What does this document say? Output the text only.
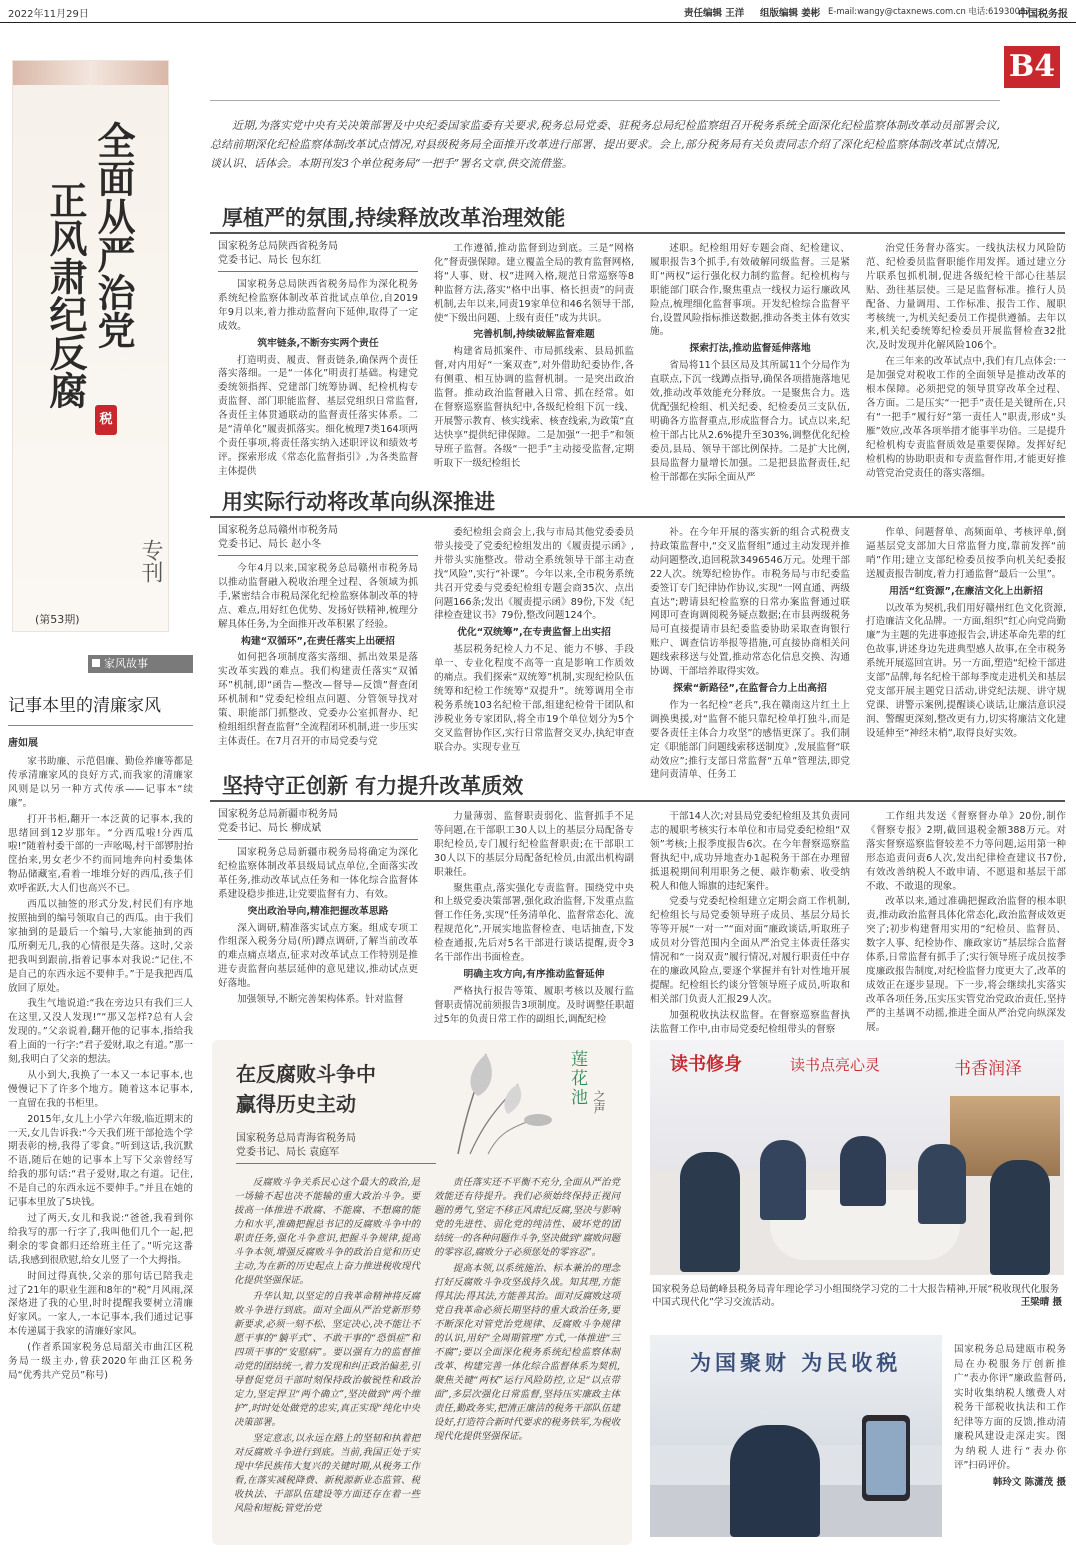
2022年11月29日	责任编辑 王洋 组版编辑 姜彬 E-mail:wangy@ctaxnews.com.cn 电话:61930087
中国税务报
B4
全面从严治党
正风肃纪反腐
税
专刊
(第53期)

近期,为落实党中央有关决策部署及中央纪委国家监委有关要求,税务总局党委、驻税务总局纪检监察组召开税务系统全面深化纪检监察体制改革动员部署会议,总结前期深化纪检监察体制改革试点情况,对县级税务局全面推开改革进行部署、提出要求。会上,部分税务局有关负责同志介绍了深化纪检监察体制改革试点情况,谈认识、话体会。本期刊发3个单位税务局“一把手”署名文章,供交流借鉴。

家风故事
记事本里的清廉家风
唐如展

家书助廉、示范倡廉、勤俭养廉等都是传承清廉家风的良好方式,而我家的清廉家风则是以另一种方式传承——记事本“续廉”。

打开书柜,翻开一本泛黄的记事本,我的思绪回到12岁那年。“分西瓜啦!分西瓜啦!”随着村委干部的一声吆喝,村干部锣肘抬筐抬来,男女老少不约而同地奔向村委集体物品储藏室,看着一堆堆分好的西瓜,孩子们欢呼雀跃,大人们也高兴不已。

西瓜以抽签的形式分发,村民们有序地按照抽到的编号领取自己的西瓜。由于我们家抽到的是最后一个编号,大家能抽到的西瓜所剩无几,我的心情很是失落。这时,父亲把我叫到跟前,指着记事本对我说:“记住,不是自己的东西永远不要伸手。”于是我把西瓜放回了原处。

我生气地说道:“我在旁边只有我们三人在这里,又没人发现!”“那又怎样?总有人会发现的。”父亲说着,翻开他的记事本,指给我看上面的一行字:“君子爱财,取之有道。”那一刻,我明白了父亲的想法。

从小到大,我换了一本又一本记事本,也慢慢记下了许多个地方。随着这本记事本,一直留在我的书柜里。

2015年,女儿上小学六年级,临近期末的一天,女儿告诉我:“今天我们班干部抢选个学期表彰的榜,我得了零食。”听到这话,我沉默不语,随后在她的记事本上写下父亲曾经写给我的那句话:“君子爱财,取之有道。记住,不是自己的东西永远不要伸手。”并且在她的记事本里放了5块钱。

过了两天,女儿和我说:“爸爸,我看到你给我写的那一行字了,我叫他们几个一起,把剩余的零食都归还给班主任了。”听完这番话,我感到很欣慰,给女儿竖了一个大拇指。

时间过得真快,父亲的那句话已陪我走过了21年的职业生涯和8年的“税”月风雨,深深烙进了我的心里,时时提醒我要树立清廉好家风。一家人,一本记事本,我们通过记事本传递属于我家的清廉好家风。

(作者系国家税务总局韶关市曲江区税务局一级主办,曾获2020年曲江区税务局“优秀共产党员”称号)

厚植严的氛围,持续释放改革治理效能
国家税务总局陕西省税务局
党委书记、局长 包东红

国家税务总局陕西省税务局作为深化税务系统纪检监察体制改革首批试点单位,自2019年9月以来,着力推动监督向下延伸,取得了一定成效。

筑牢链条,不断夯实两个责任

打造明责、履责、督责链条,确保两个责任落实落细。一是“一体化”明责打基础。构建党委统领指挥、党建部门统筹协调、纪检机构专责监督、部门职能监督、基层党组织日常监督,各责任主体贯通联动的监督责任落实体系。二是“清单化”履责抓落实。细化梳理7类164项两个责任事项,将责任落实纳入述职评议和绩效考评。探索形成《常态化监督指引》,为各类监督主体提供

工作遵循,推动监督到边到底。三是“网格化”督责强保障。建立覆盖全局的教育监督网格,将“人事、财、权”进网入格,规范日常巡察等8种监督方法,落实“格中出事、格长担责”的问责机制,去年以来,同责19家单位和46名领导干部,使“下级出问题、上级有责任”成为共识。

完善机制,持续破解监督难题

构建省局抓案件、市局抓线索、县局抓监督,对内用好“一案双查”,对外借助纪委协作,各有侧重、相互协调的监督机制。一是突出政治监督。推动政治监督融入日常、抓在经常。如在督察巡察监督执纪中,各级纪检组下沉一线、开展警示教育、核实线索、核查线索,为政策“直达快享”提供纪律保障。二是加强“一把手”和领导班子监督。各级“一把手”主动接受监督,定期听取下一级纪检组长

述职。纪检组用好专题会商、纪检建议、履职报告3个抓手,有效破解同级监督。三是紧盯“两权”运行强化权力制约监督。纪检机构与职能部门联合作,聚焦重点一线权力运行廉政风险点,梳理细化监督事项。开发纪检综合监督平台,设置风险指标推送数据,推动各类主体有效实施。

探索打法,推动监督延伸落地

省局将11个县区局及其所属11个分局作为直联点,下沉一线蹲点指导,确保各项措施落地见效,推动改革效能充分释放。一是聚焦合力。选优配强纪检组、机关纪委、纪检委员三支队伍,明确各方监督重点,形成监督合力。试点以来,纪检干部占比从2.6%提升至303%,调整优化纪检委员,县局、领导干部比例保持。二是扩大比例,县局监督力量增长加强。二是把县监督责任,纪检干部都在实际全面从严

治党任务督办落实。一线执法权力风险防范、纪检委员监督职能作用发挥。通过建立分片联系包抓机制,促进各级纪检干部心往基层贴、劲往基层使。三是足监督标准。推行人员配备、力量调用、工作标准、报告工作、履职考核统一,为机关纪委员工作提供遵循。去年以来,机关纪委统筹纪检委员开展监督检查32批次,及时发现并化解风险106个。

在三年来的改革试点中,我们有几点体会:一是加强党对税收工作的全面领导是推动改革的根本保障。必须把党的领导贯穿改革全过程、各方面。二是压实“一把手”责任是关键所在,只有“一把手”履行好“第一责任人”职责,形成“头雁”效应,改革各项举措才能事半功倍。三是提升纪检机构专责监督质效是重要保障。发挥好纪检机构的协助职责和专责监督作用,才能更好推动管党治党责任的落实落细。

用实际行动将改革向纵深推进
国家税务总局赣州市税务局
党委书记、局长 赵小冬

今年4月以来,国家税务总局赣州市税务局以推动监督融入税收治理全过程、各领域为抓手,紧密结合市税局深化纪检监察体制改革的特点、难点,用好红色优势、发扬好铁精神,梳理分解具体任务,为全面推开改革积累了经验。

构建“双循环”,在责任落实上出硬招

如何把各项制度落实落细、抓出效果是落实改革实践的难点。我们构建责任落实“双循环”机制,即“函告—整改—督导—反馈”督查闭环机制和“党委纪检组点问题、分管领导找对策、职能部门抓整改、党委办公室抓督办、纪检组组织督查监督”全流程闭环机制,进一步压实主体责任。在7月召开的市局党委与党

委纪检组会商会上,我与市局其他党委委员带头接受了党委纪检组发出的《履责提示函》,并带头实施整改。带动全系统领导干部主动查找“风险”,实行“补课”。今年以来,全市税务系统共召开党委与党委纪检组专题会商35次、点出问题166条;发出《履责提示函》89份,下发《纪律检查建议书》79份,整改问题124个。

优化“双统筹”,在专责监督上出实招

基层税务纪检人力不足、能力不够、手段单一、专业化程度不高等一直是影响工作质效的痛点。我们探索“双统筹”机制,实现纪检队伍统筹和纪检工作统筹“双提升”。统筹调用全市税务系统103名纪检干部,组建纪检骨干团队和涉税业务专家团队,将全市19个单位划分为5个交叉监督协作区,实行日常监督交叉办,执纪审查联合办。实现专业互

补。在今年开展的落实新的组合式税费支持政策监督中,“交叉监督组”通过主动发现并推动问题整改,追回税款3496546万元。处理干部22人次。统筹纪检协作。市税务局与市纪委监委签订专门纪律协作协议,实现“一网直通、两级直达”;聘请县纪检监察的日常办案监督通过联网即可查询调阅税务疑点数据;在市县两级税务局可直接提请市县纪委监委协助采取查询银行账户、调查信访举报等措施,可直接协商相关问题线索移送与处置,推动常态化信息交换、沟通协调、干部培养取得实效。

探索“新路径”,在监督合力上出高招

作为一名纪检“老兵”,我在赣南这片红土上调换奥援,对“监督不能只靠纪检单打独斗,而是要各责任主体合力攻坚”的感悟更深了。我们制定《职能部门问题线索移送制度》,发展监督“联动效应”;推行支部日常监督“五单”管理法,即党建问责清单、任务工

作单、问题督单、高频面单、考核评单,倒逼基层党支部加大日常监督力度,靠前发挥“前哨”作用;建立支部纪检委员按季向机关纪委报送履责报告制度,着力打通监督“最后一公里”。

用活“红资源”,在廉洁文化上出新招

以改革为契机,我们用好赣州红色文化资源,打造廉洁文化品牌。一方面,组织“红心向党尚勤廉”为主题的先进事迹报告会,讲述革命先辈的红色故事,讲述身边先进典型感人故事,在全市税务系统开展巡回宣讲。另一方面,塑造“纪检干部进支部”品牌,每名纪检干部每季度走进机关和基层党支部开展主题党日活动,讲党纪法规、讲守规党课、讲警示案例,提醒谈心谈话,让廉洁意识浸润、警醒更深刻,整改更有力,切实将廉洁文化建设延伸至“神经末梢”,取得良好实效。

坚持守正创新 有力提升改革质效
国家税务总局新疆市税务局
党委书记、局长 柳成斌

国家税务总局新疆市税务局将确定为深化纪检监察体制改革县级局试点单位,全面落实改革任务,推动改革试点任务和一体化综合监督体系建设稳步推进,让党要监督有力、有效。

突出政治导向,精准把握改革思路

深入调研,精准落实试点方案。组成专项工作组深入税务分局(所)蹲点调研,了解当前改革的难点痛点堵点,征求对改革试点工作特别是推进专责监督向基层延伸的意见建议,推动试点更好落地。

加强领导,不断完善架构体系。针对监督

力量薄弱、监督职责弱化、监督抓手不足等问题,在干部职工30人以上的基层分局配备专职纪检员,专门履行纪检监督职责;在干部职工30人以下的基层分局配备纪检员,由派出机构副职兼任。

聚焦重点,落实强化专责监督。围绕党中央和上级党委决策部署,强化政治监督,下发重点监督工作任务,实现“任务清单化、监督常态化、流程规范化”,开展实地监督检查、电话抽查,下发检查通报,先后对5名干部进行谈话提醒,责令3名干部作出书面检查。

明确主攻方向,有序推动监督延伸

严格执行报告等策、履职考核以及履行监督职责情况前须报告3项制度。及时调整任职超过5年的负责日常工作的副组长,调配纪检

干部14人次;对县局党委纪检组及其负责同志的履职考核实行本单位和市局党委纪检组“双领”考核;上报季度报告6次。在今年督察巡察监督执纪中,成功异地查办1起税务干部在办理留抵退税期间利用职务之便、敲诈勒索、收受纳税人和他人锦旗的违纪案件。

党委与党委纪检组建立定期会商工作机制,纪检组长与局党委领导班子成员、基层分局长等等开展“一对一”“面对面”廉政谈话,听取班子成员对分管范围内全面从严治党主体责任落实情况和“一岗双责”履行情况,对履行职责任中存在的廉政风险点,要逐个掌握并有针对性地开展提醒。纪检组长约谈分管领导班子成员,听取和相关部门负责人汇报29人次。

加强税收执法权监督。在督察巡察监督执法监督工作中,由市局党委纪检组带头的督察

工作组共发送《督察督办单》20份,制作《督察专报》2期,截回退税金额388万元。对落实督察巡察监督较差不力等问题,运用第一种形态追责问责6人次,发出纪律检查建议书7份,有效改善纳税人不敢申请、不愿退和基层干部不敢、不敢退的现象。

改革以来,通过准确把握政治监督的根本职责,推动政治监督具体化常态化,政治监督成效更突了;初步构建督用实用的“纪检员、监督员、数字人事、纪检协作、廉政家访”基层综合监督体系,日常监督有抓手了;实行领导班子成员按季度廉政报告制度,对纪检监督力度更大了,改革的成效正在逐步显现。下一步,将会继续扎实落实改革各项任务,压实压实管党治党政治责任,坚持严的主基调不动摇,推进全面从严治党向纵深发展。

在反腐败斗争中
赢得历史主动
国家税务总局青海省税务局
党委书记、局长 袁庭军
莲花池 之声

反腐败斗争关系民心这个最大的政治,是一场输不起也决不能输的重大政治斗争。要拔高一体推进不敢腐、不能腐、不想腐的能力和水平,准确把握总书记的反腐败斗争中的职责任务,强化斗争意识,把握斗争规律,提高斗争本领,增强反腐败斗争的政治自觉和历史主动,为在新的历史起点上奋力推进税收现代化提供坚强保证。

升华认知,以坚定的自我革命精神将反腐败斗争进行到底。面对全面从严治党新形势新要求,必须一刻不松、坚定决心,决不能让不愿干事的“躺平式”、不敢干事的“恐惧症”和四项干事的“安慰病”。要以强有力的监督推动党的团结统一,着力发现和纠正政治偏差,引导督促党员干部时刻保持政治敏锐性和政治定力,坚定捍卫“两个确立”,坚决做到“两个维护”,时时处处做党的忠实,真正实现“纯化中央决策部署。

坚定意志,以永远在路上的坚韧和执着把对反腐败斗争进行到底。当前,我国正处于实现中华民族伟大复兴的关键时期,从税务工作看,在落实减税降费、新税源新业态监管、税收执法、干部队伍建设等方面还存在着一些风险和短板;管党治党

责任落实还不平衡不充分,全面从严治党效能还有待提升。我们必须始终保持正视问题的勇气,坚定不移正风肃纪反腐,坚决与影响党的先进性、弱化党的纯洁性、破坏党的团结统一的各种问题作斗争,坚决做到“腐败问题的零容忍,腐败分子必须惩处的零容忍”。

提高本领,以系统施治、标本兼治的理念打好反腐败斗争攻坚战持久战。知其理,方能得其法;得其法,方能善其治。面对反腐败这项党自我革命必须长期坚持的重大政治任务,要不断深化对管党治党规律、反腐败斗争规律的认识,用好“全周期管理”方式,一体推进“三不腐”;要以全面深化税务系统纪检监察体制改革、构建完善一体化综合监督体系为契机,聚焦关键“两权”运行风险防控,立足“以点带面”,多层次强化日常监督,坚持压实廉政主体责任,勤政务实,把清正廉洁的税务干部队伍建设好,打造符合新时代要求的税务铁军,为税收现代化提供坚强保证。

读书修身	读书点亮心灵	书香润泽
国家税务总局鹤峰县税务局青年理论学习小组围绕学习党的二十大报告精神,开展“税收现代化服务中国式现代化”学习交流活动。	王梁晴 摄
为国聚财 为民收税
国家税务总局建瓯市税务局在办税服务厅创新推广“表办你评”廉政监督码,实时收集纳税人缴费人对税务干部税收执法和工作纪律等方面的反馈,推动清廉税风建设走深走实。图为纳税人进行“表办你评”扫码评价。
韩玲文 陈潇茂 摄
